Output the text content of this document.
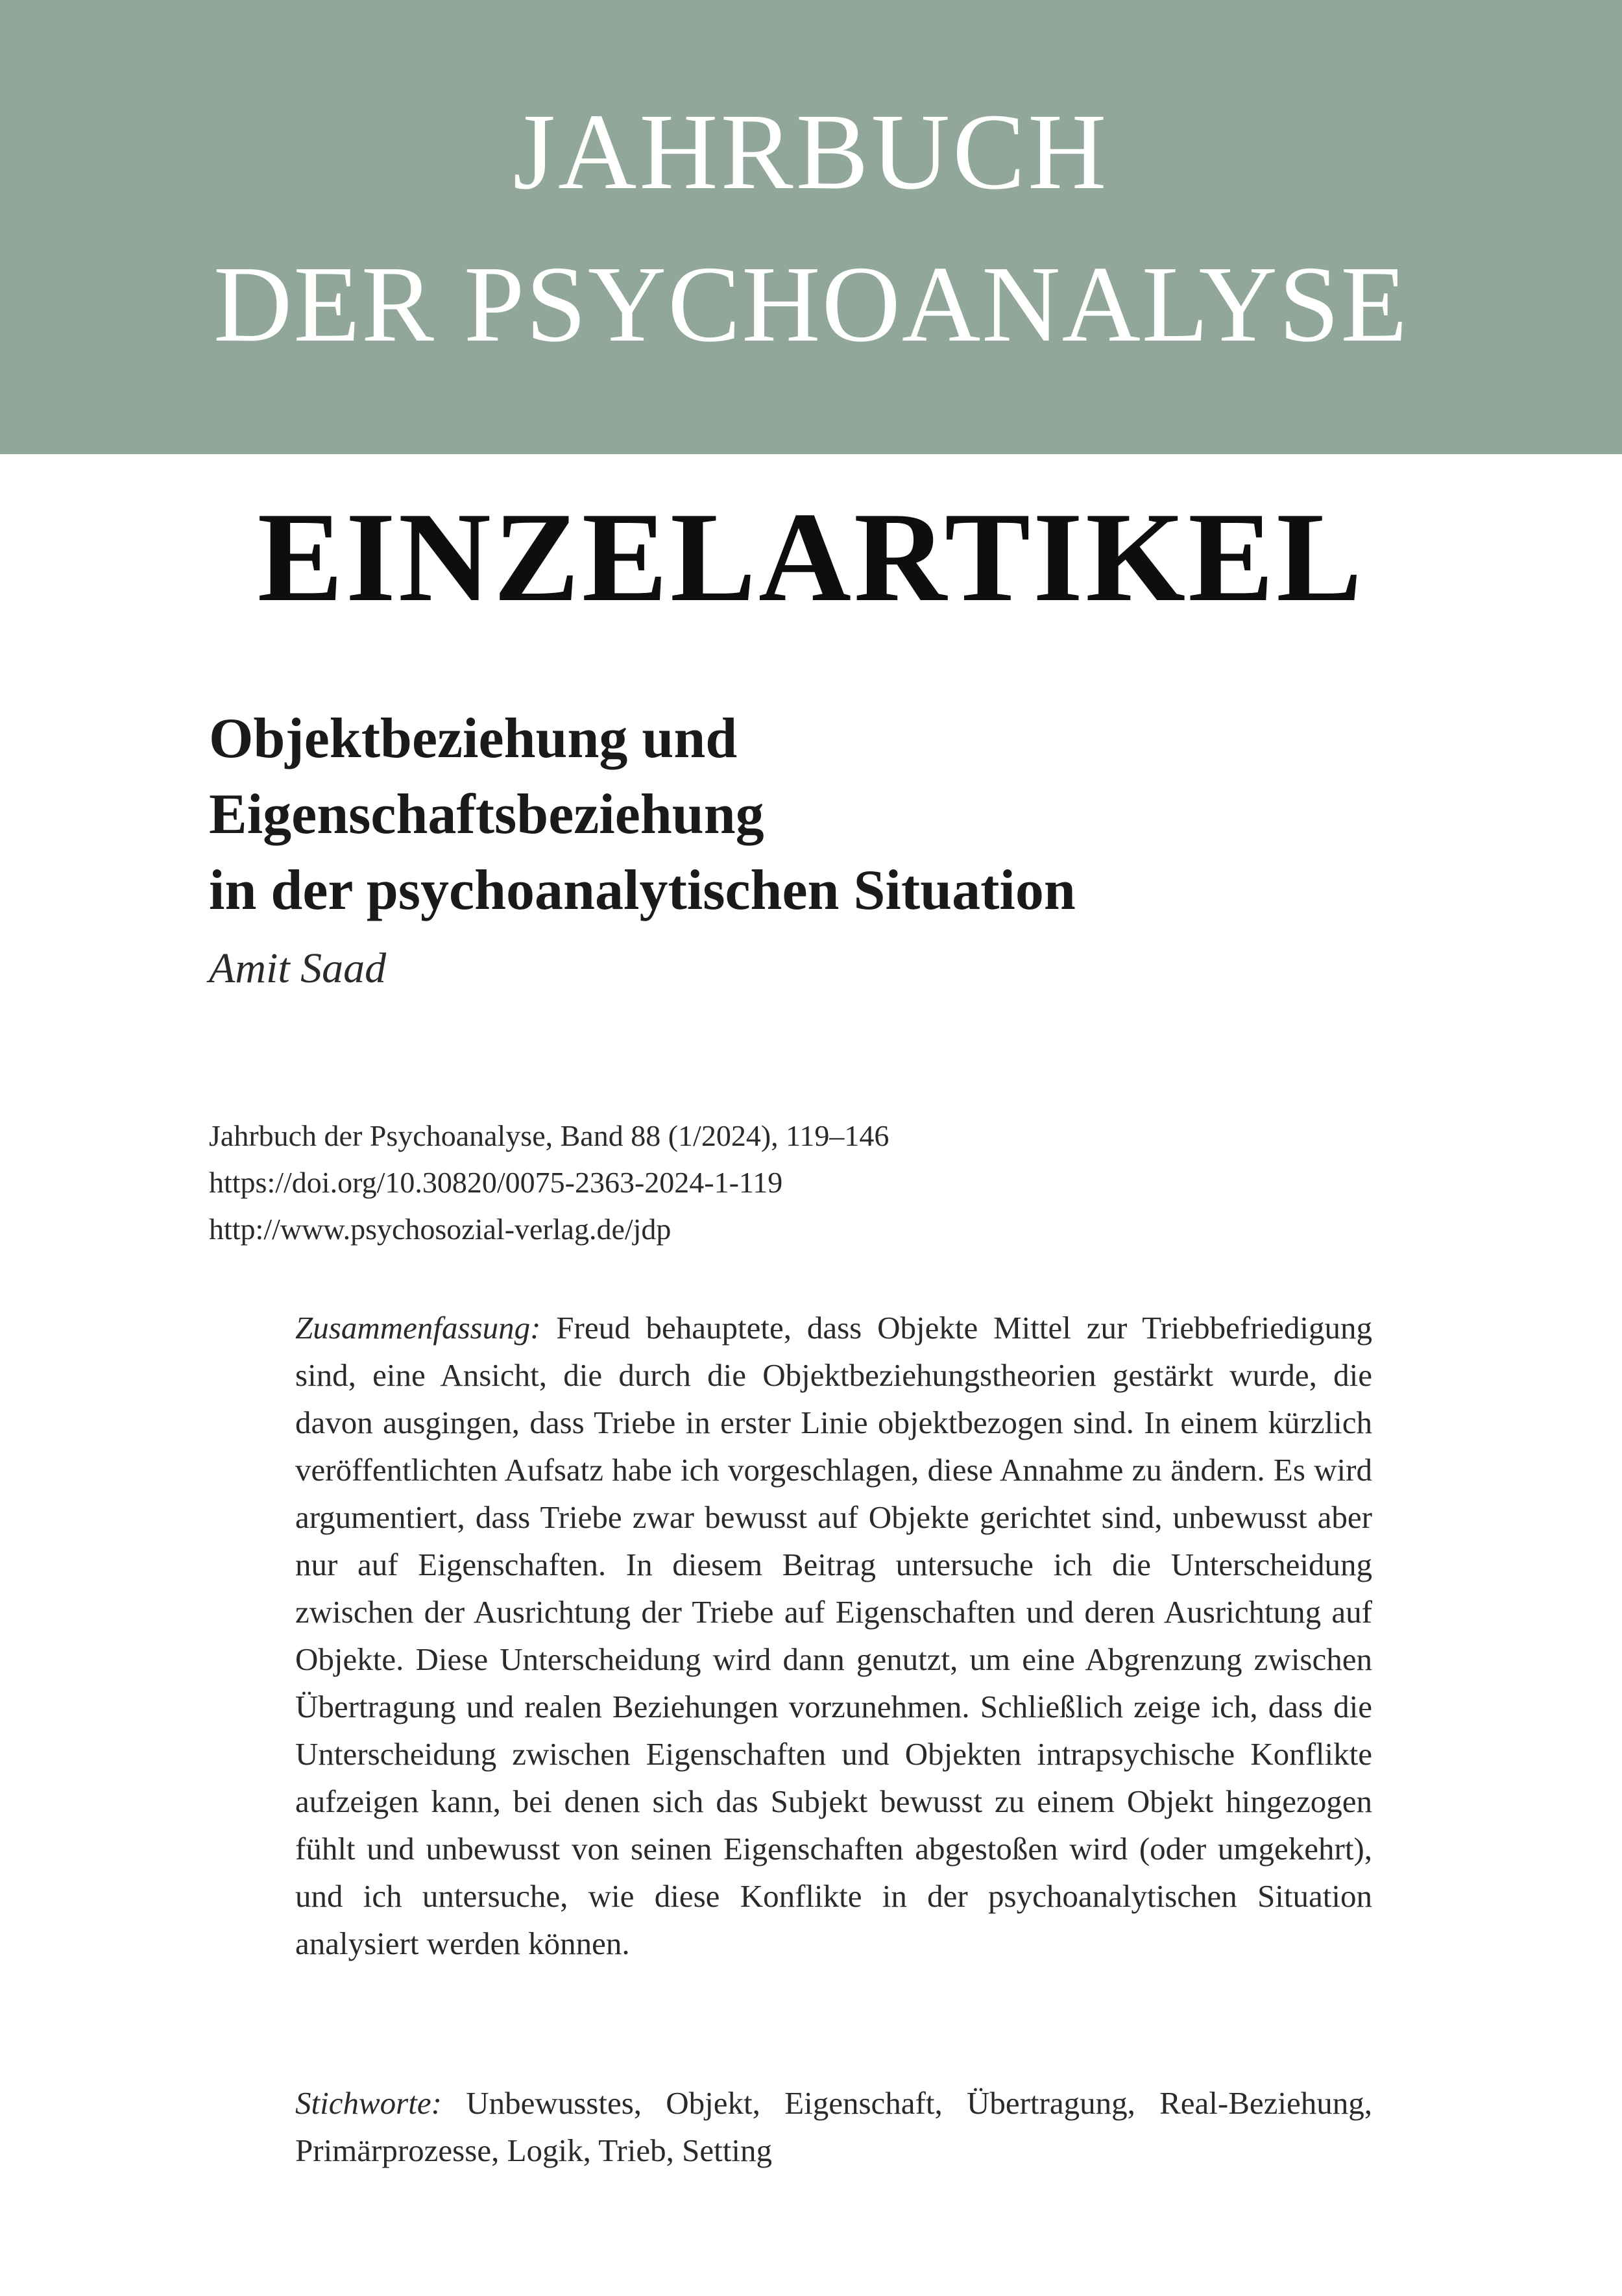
JAHRBUCH
DER PSYCHOANALYSE
EINZELARTIKEL
Objektbeziehung und
Eigenschaftsbeziehung
in der psychoanalytischen Situation
Amit Saad
Jahrbuch der Psychoanalyse, Band 88 (1/2024), 119–146
https://doi.org/10.30820/0075-2363-2024-1-119
http://www.psychosozial-verlag.de/jdp

Zusammenfassung: Freud behauptete, dass Objekte Mittel zur Triebbefriedigung sind, eine Ansicht, die durch die Objektbeziehungstheorien gestärkt wurde, die davon ausgingen, dass Triebe in erster Linie objektbezogen sind. In einem kürzlich veröffentlichten Aufsatz habe ich vorgeschlagen, diese Annahme zu ändern. Es wird argumentiert, dass Triebe zwar bewusst auf Objekte gerichtet sind, unbewusst aber nur auf Eigenschaften. In diesem Beitrag untersuche ich die Unterscheidung zwischen der Ausrichtung der Triebe auf Eigenschaften und deren Ausrichtung auf Objekte. Diese Unterscheidung wird dann genutzt, um eine Abgrenzung zwischen Übertragung und realen Beziehungen vorzunehmen. Schließlich zeige ich, dass die Unterscheidung zwischen Eigenschaften und Objekten intrapsychische Konflikte aufzeigen kann, bei denen sich das Subjekt bewusst zu einem Objekt hingezogen fühlt und unbewusst von seinen Eigenschaften abgestoßen wird (oder umgekehrt), und ich untersuche, wie diese Konflikte in der psychoanalytischen Situation analysiert werden können.

Stichworte: Unbewusstes, Objekt, Eigenschaft, Übertragung, Real-Beziehung, Primärprozesse, Logik, Trieb, Setting
